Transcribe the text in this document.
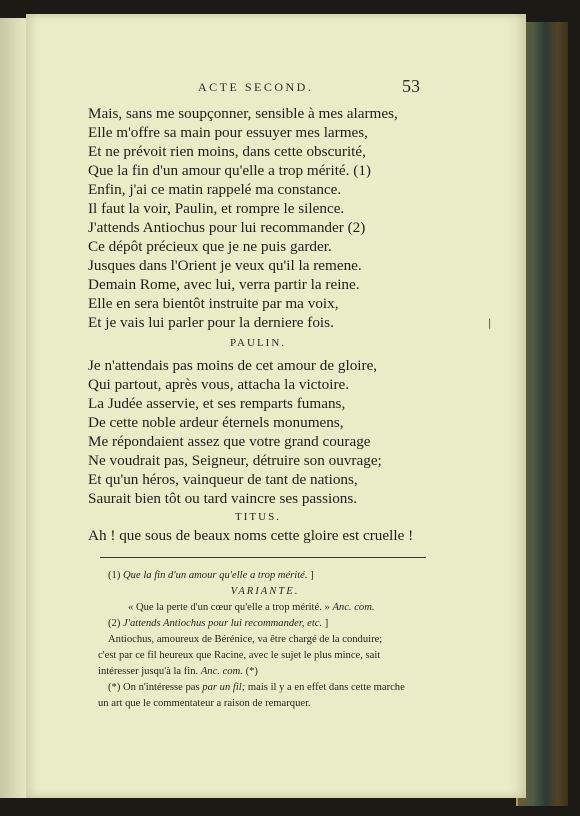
ACTE SECOND.	53
Mais, sans me soupçonner, sensible à mes alarmes,
Elle m'offre sa main pour essuyer mes larmes,
Et ne prévoit rien moins, dans cette obscurité,
Que la fin d'un amour qu'elle a trop mérité. (1)
Enfin, j'ai ce matin rappelé ma constance.
Il faut la voir, Paulin, et rompre le silence.
J'attends Antiochus pour lui recommander (2)
Ce dépôt précieux que je ne puis garder.
Jusques dans l'Orient je veux qu'il la remene.
Demain Rome, avec lui, verra partir la reine.
Elle en sera bientôt instruite par ma voix,
Et je vais lui parler pour la derniere fois.	|
PAULIN.
Je n'attendais pas moins de cet amour de gloire,
Qui partout, après vous, attacha la victoire.
La Judée asservie, et ses remparts fumans,
De cette noble ardeur éternels monumens,
Me répondaient assez que votre grand courage
Ne voudrait pas, Seigneur, détruire son ouvrage;
Et qu'un héros, vainqueur de tant de nations,
Saurait bien tôt ou tard vaincre ses passions.
TITUS.
Ah ! que sous de beaux noms cette gloire est cruelle !
(1) Que la fin d'un amour qu'elle a trop mérité. ]
VARIANTE.
« Que la perte d'un cœur qu'elle a trop mérité. » Anc. com.
(2) J'attends Antiochus pour lui recommander, etc. ]
Antiochus, amoureux de Bérénice, va être chargé de la conduire;
c'est par ce fil heureux que Racine, avec le sujet le plus mince, sait
intéresser jusqu'à la fin. Anc. com. (*)
(*) On n'intéresse pas par un fil; mais il y a en effet dans cette marche
un art que le commentateur a raison de remarquer.
